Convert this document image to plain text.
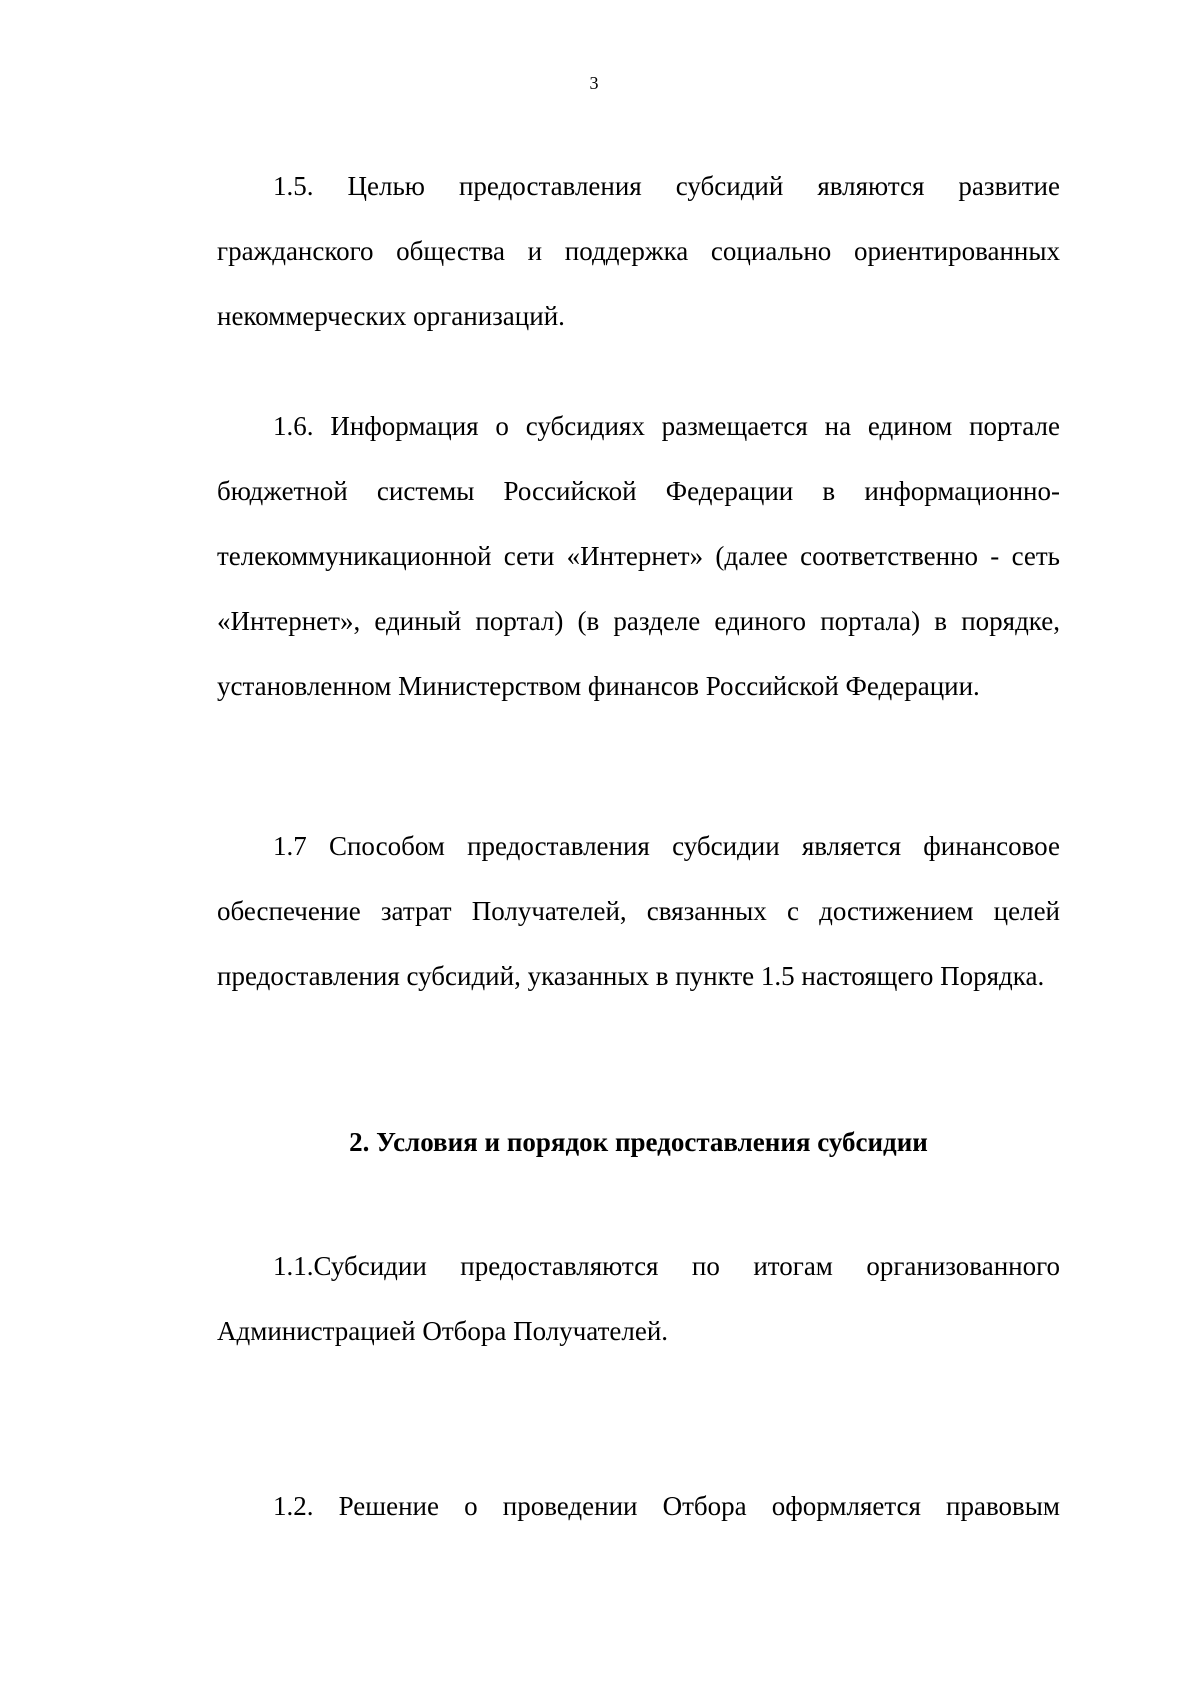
3

1.5. Целью предоставления субсидий являются развитие гражданского общества и поддержка социально ориентированных некоммерческих организаций.

1.6. Информация о субсидиях размещается на едином портале бюджетной системы Российской Федерации в информационно-телекоммуникационной сети «Интернет» (далее соответственно - сеть «Интернет», единый портал) (в разделе единого портала) в порядке, установленном Министерством финансов Российской Федерации.

1.7 Способом предоставления субсидии является финансовое обеспечение затрат Получателей, связанных с достижением целей предоставления субсидий, указанных в пункте 1.5 настоящего Порядка.

2. Условия и порядок предоставления субсидии

1.1.Субсидии предоставляются по итогам организованного Администрацией Отбора Получателей.

1.2. Решение о проведении Отбора оформляется правовым
